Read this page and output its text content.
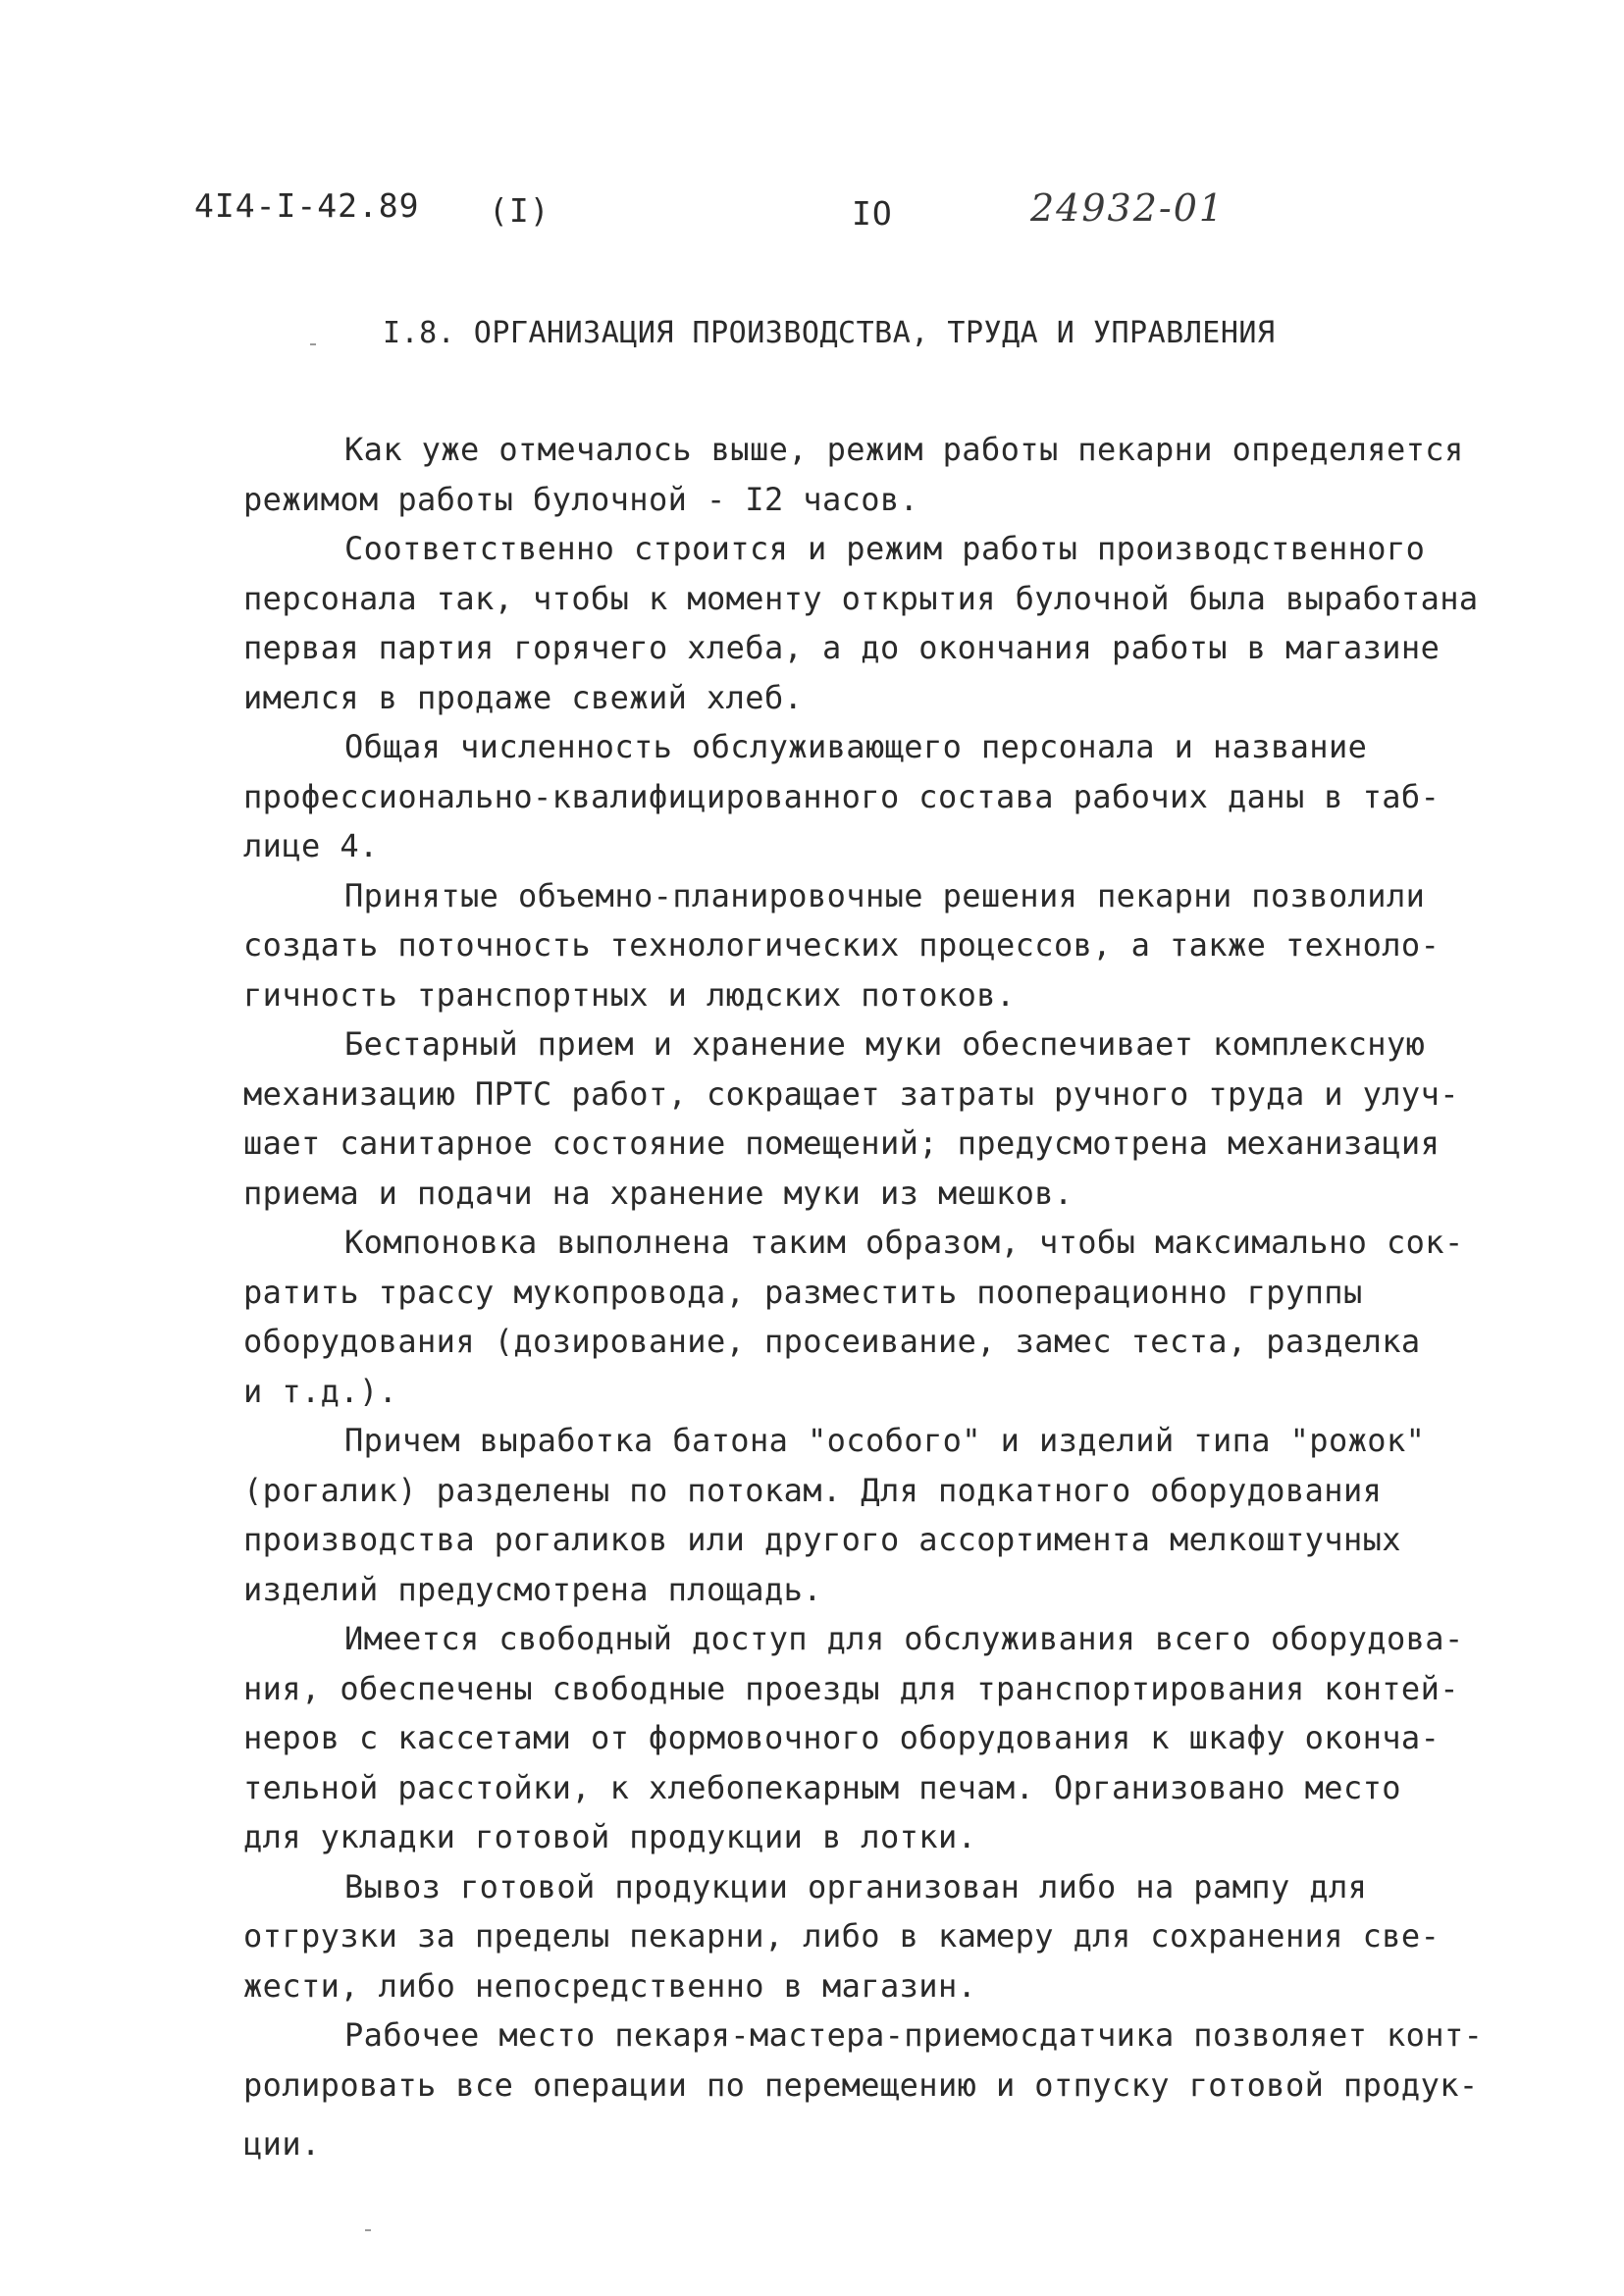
4I4-I-42.89 (I)	IO	24932-01
I.8. ОРГАНИЗАЦИЯ ПРОИЗВОДСТВА, ТРУДА И УПРАВЛЕНИЯ
Как уже отмечалось выше, режим работы пекарни определяется
режимом работы булочной - I2 часов.
Соответственно строится и режим работы производственного
персонала так, чтобы к моменту открытия булочной была выработана
первая партия горячего хлеба, а до окончания работы в магазине
имелся в продаже свежий хлеб.
Общая численность обслуживающего персонала и название
профессионально-квалифицированного состава рабочих даны в таб-
лице 4.
Принятые объемно-планировочные решения пекарни позволили
создать поточность технологических процессов, а также техноло-
гичность транспортных и людских потоков.
Бестарный прием и хранение муки обеспечивает комплексную
механизацию ПРТС работ, сокращает затраты ручного труда и улуч-
шает санитарное состояние помещений; предусмотрена механизация
приема и подачи на хранение муки из мешков.
Компоновка выполнена таким образом, чтобы максимально сок-
ратить трассу мукопровода, разместить поoперационно группы
оборудования (дозирование, просеивание, замес теста, разделка
и т.д.).
Причем выработка батона "особого" и изделий типа "рожок"
(рогалик) разделены по потокам. Для подкатного оборудования
производства рогаликов или другого ассортимента мелкоштучных
изделий предусмотрена площадь.
Имеется свободный доступ для обслуживания всего оборудова-
ния, обеспечены свободные проезды для транспортирования контей-
неров с кассетами от формовочного оборудования к шкафу оконча-
тельной расстойки, к хлебопекарным печам. Организовано место
для укладки готовой продукции в лотки.
Вывоз готовой продукции организован либо на рампу для
отгрузки за пределы пекарни, либо в камеру для сохранения све-
жести, либо непосредственно в магазин.
Рабочее место пекаря-мастера-приемосдатчика позволяет конт-
ролировать все операции по перемещению и отпуску готовой продук-
ции.
